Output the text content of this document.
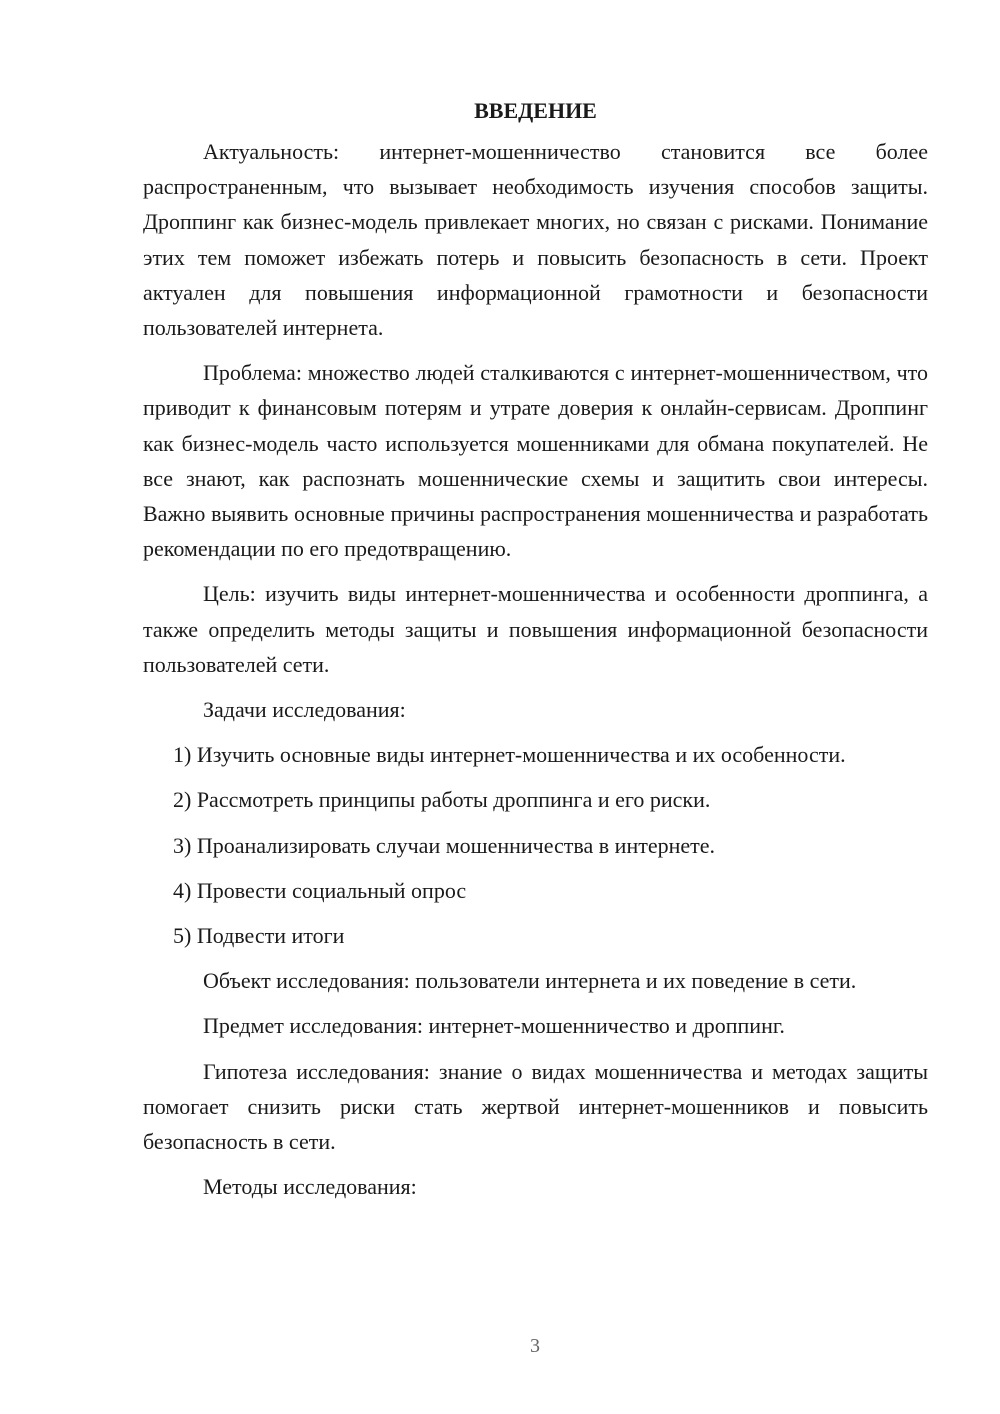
ВВЕДЕНИЕ

Актуальность: интернет-мошенничество становится все более распространенным, что вызывает необходимость изучения способов защиты. Дроппинг как бизнес-модель привлекает многих, но связан с рисками. Понимание этих тем поможет избежать потерь и повысить безопасность в сети. Проект актуален для повышения информационной грамотности и безопасности пользователей интернета.

Проблема: множество людей сталкиваются с интернет-мошенничеством, что приводит к финансовым потерям и утрате доверия к онлайн-сервисам. Дроппинг как бизнес-модель часто используется мошенниками для обмана покупателей. Не все знают, как распознать мошеннические схемы и защитить свои интересы. Важно выявить основные причины распространения мошенничества и разработать рекомендации по его предотвращению.

Цель: изучить виды интернет-мошенничества и особенности дроппинга, а также определить методы защиты и повышения информационной безопасности пользователей сети.

Задачи исследования:

1) Изучить основные виды интернет-мошенничества и их особенности.
2) Рассмотреть принципы работы дроппинга и его риски.
3) Проанализировать случаи мошенничества в интернете.
4) Провести социальный опрос
5) Подвести итоги

Объект исследования: пользователи интернета и их поведение в сети.

Предмет исследования: интернет-мошенничество и дроппинг.

Гипотеза исследования: знание о видах мошенничества и методах защиты помогает снизить риски стать жертвой интернет-мошенников и повысить безопасность в сети.

Методы исследования:

3
